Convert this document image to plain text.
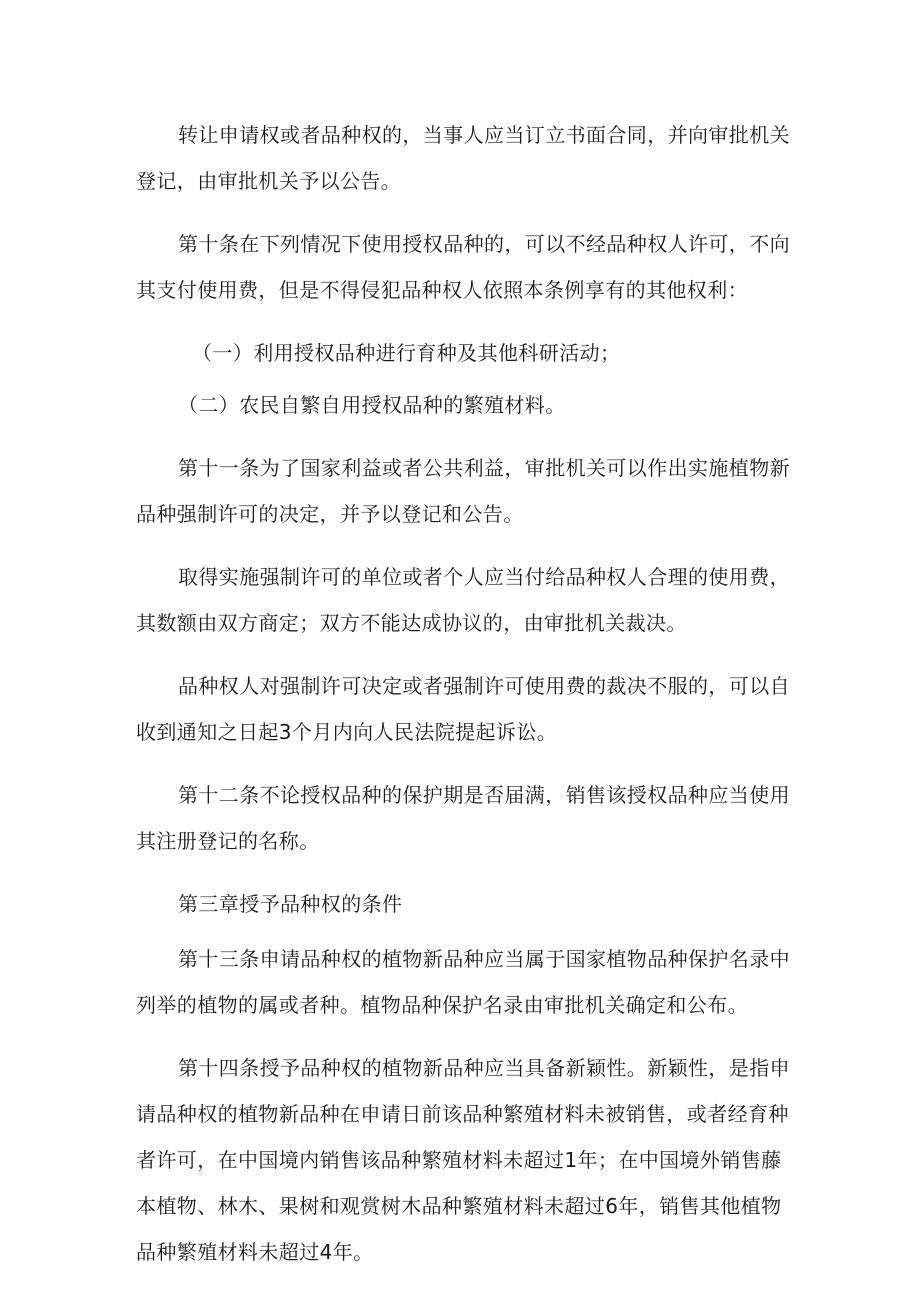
转让申请权或者品种权的，当事人应当订立书面合同，并向审批机关登记，由审批机关予以公告。

第十条在下列情况下使用授权品种的，可以不经品种权人许可，不向其支付使用费，但是不得侵犯品种权人依照本条例享有的其他权利：

（一）利用授权品种进行育种及其他科研活动；

（二）农民自繁自用授权品种的繁殖材料。

第十一条为了国家利益或者公共利益，审批机关可以作出实施植物新品种强制许可的决定，并予以登记和公告。

取得实施强制许可的单位或者个人应当付给品种权人合理的使用费，其数额由双方商定；双方不能达成协议的，由审批机关裁决。

品种权人对强制许可决定或者强制许可使用费的裁决不服的，可以自收到通知之日起3个月内向人民法院提起诉讼。

第十二条不论授权品种的保护期是否届满，销售该授权品种应当使用其注册登记的名称。

第三章授予品种权的条件

第十三条申请品种权的植物新品种应当属于国家植物品种保护名录中列举的植物的属或者种。植物品种保护名录由审批机关确定和公布。

第十四条授予品种权的植物新品种应当具备新颖性。新颖性，是指申请品种权的植物新品种在申请日前该品种繁殖材料未被销售，或者经育种者许可，在中国境内销售该品种繁殖材料未超过1年；在中国境外销售藤本植物、林木、果树和观赏树木品种繁殖材料未超过6年，销售其他植物品种繁殖材料未超过4年。
